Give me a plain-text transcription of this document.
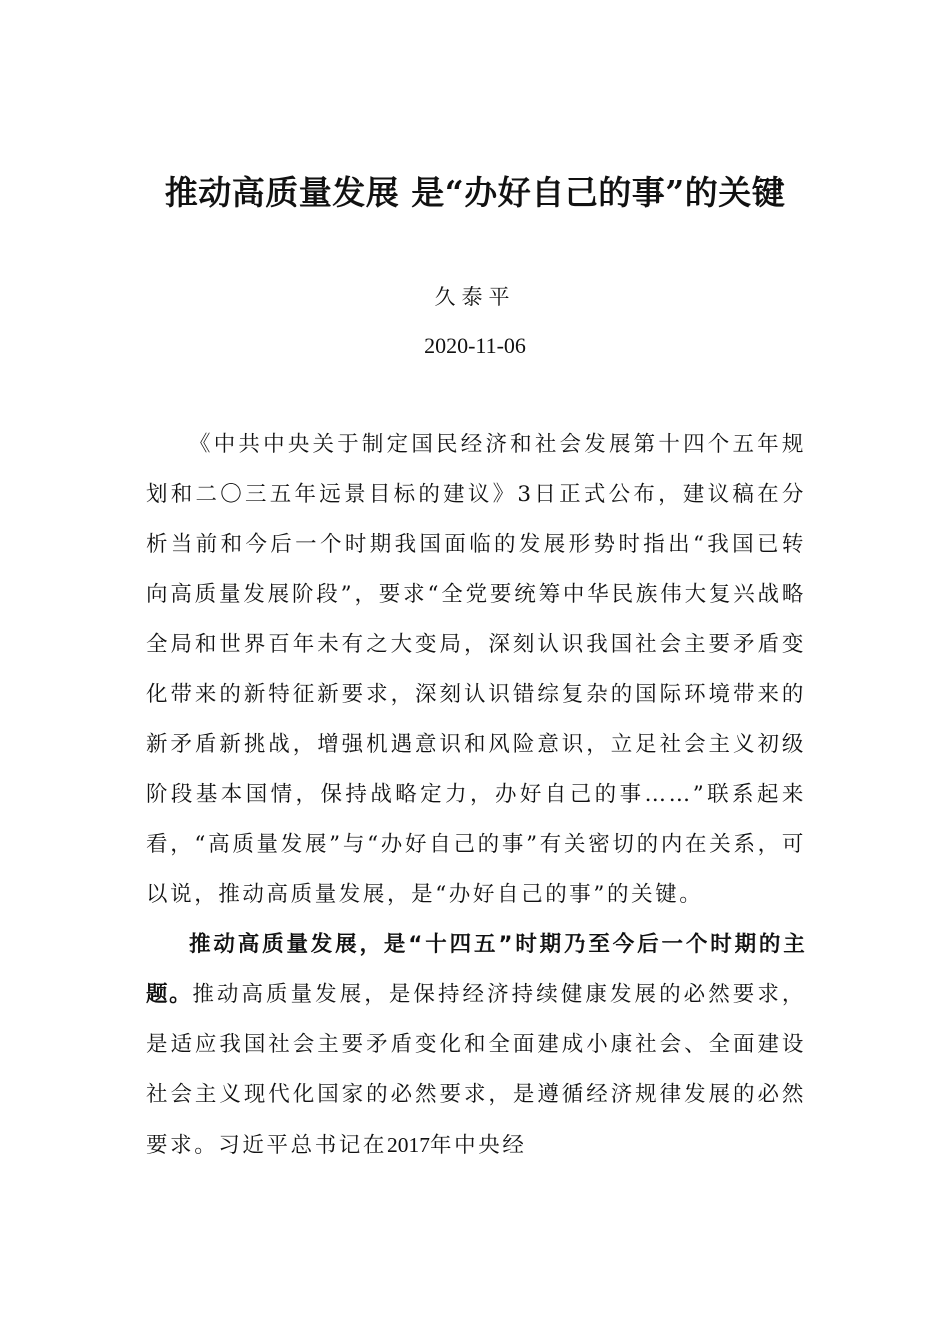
推动高质量发展 是“办好自己的事”的关键
久泰平
2020-11-06

《中共中央关于制定国民经济和社会发展第十四个五年规划和二〇三五年远景目标的建议》3日正式公布，建议稿在分析当前和今后一个时期我国面临的发展形势时指出“我国已转向高质量发展阶段”，要求“全党要统筹中华民族伟大复兴战略全局和世界百年未有之大变局，深刻认识我国社会主要矛盾变化带来的新特征新要求，深刻认识错综复杂的国际环境带来的新矛盾新挑战，增强机遇意识和风险意识，立足社会主义初级阶段基本国情，保持战略定力，办好自己的事……”联系起来看，“高质量发展”与“办好自己的事”有关密切的内在关系，可以说，推动高质量发展，是“办好自己的事”的关键。

推动高质量发展，是“十四五”时期乃至今后一个时期的主题。推动高质量发展，是保持经济持续健康发展的必然要求，是适应我国社会主要矛盾变化和全面建成小康社会、全面建设社会主义现代化国家的必然要求，是遵循经济规律发展的必然要求。习近平总书记在2017年中央经
